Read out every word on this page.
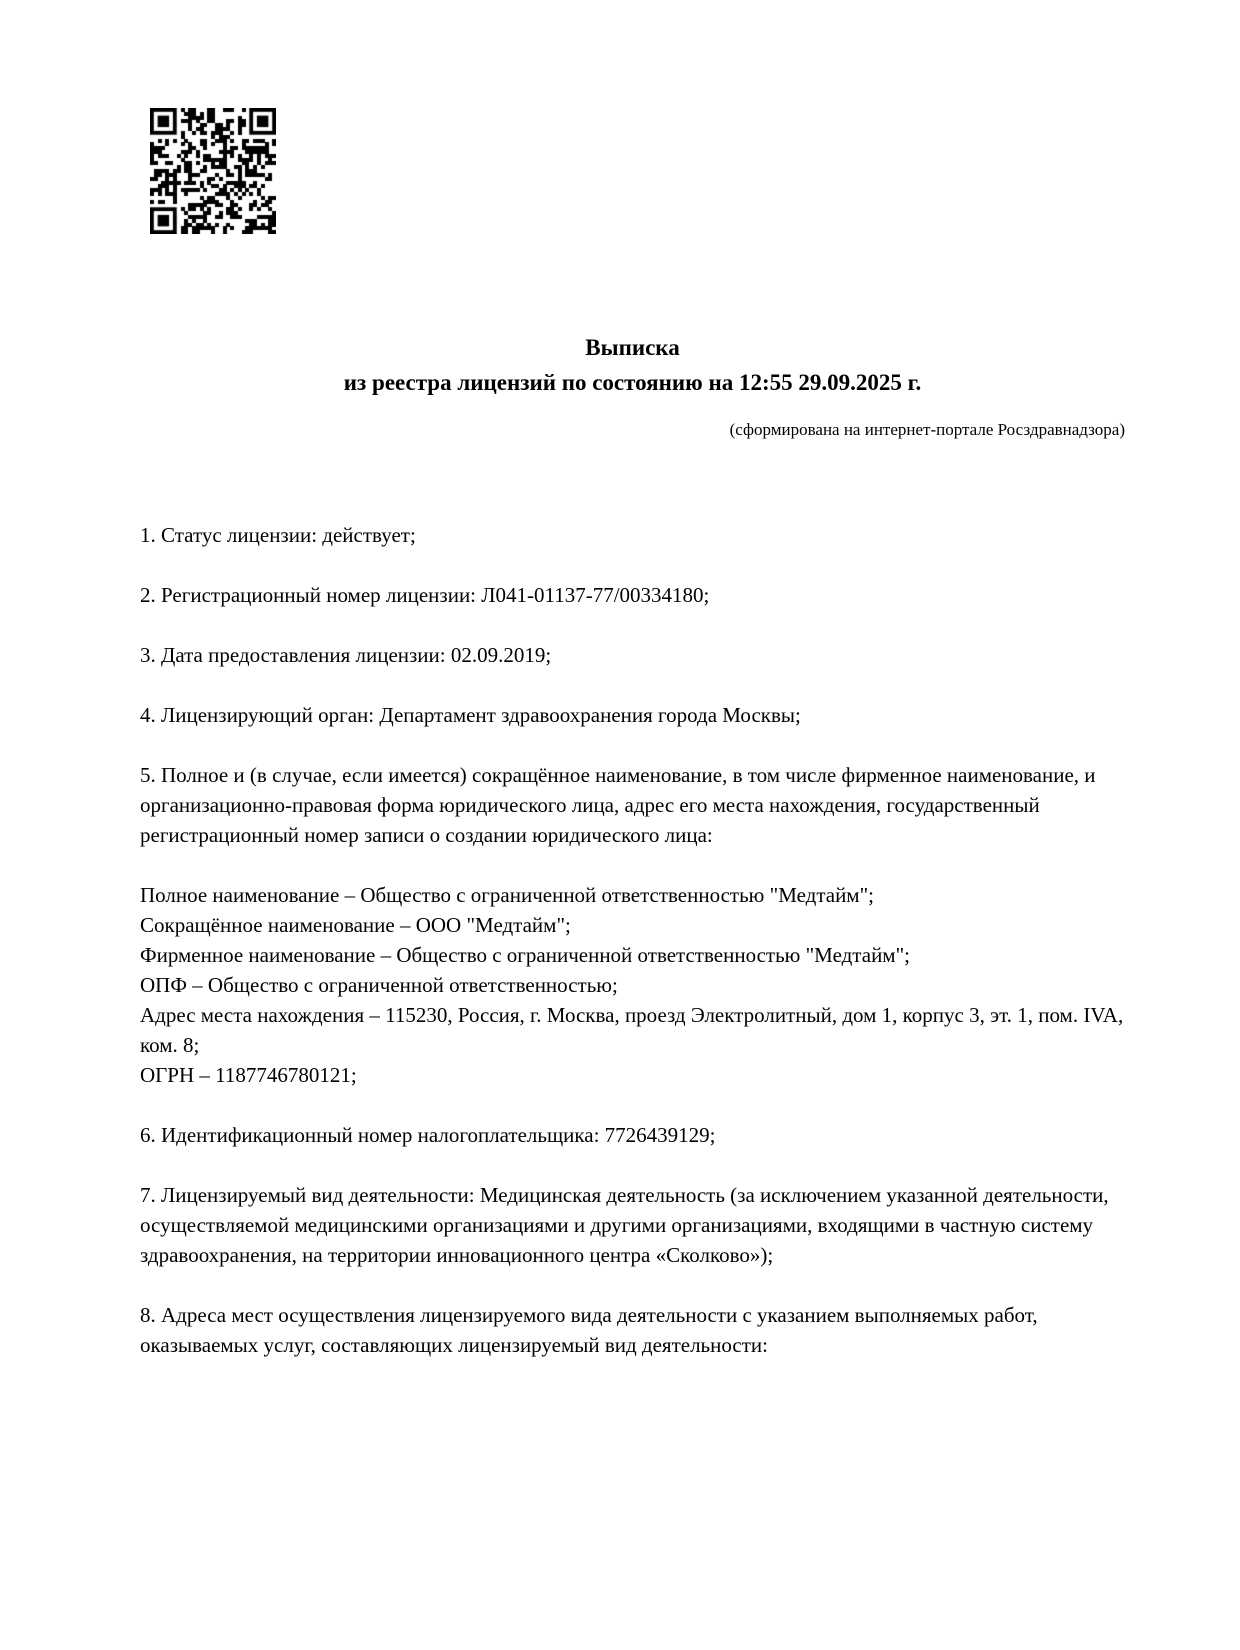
Выписка
из реестра лицензий по состоянию на 12:55 29.09.2025 г.
(сформирована на интернет-портале Росздравнадзора)

1. Статус лицензии: действует;

2. Регистрационный номер лицензии: Л041-01137-77/00334180;

3. Дата предоставления лицензии: 02.09.2019;

4. Лицензирующий орган: Департамент здравоохранения города Москвы;

5. Полное и (в случае, если имеется) сокращённое наименование, в том числе фирменное наименование, и организационно-правовая форма юридического лица, адрес его места нахождения, государственный регистрационный номер записи о создании юридического лица:

Полное наименование – Общество с ограниченной ответственностью "Медтайм";

Сокращённое наименование – ООО "Медтайм";

Фирменное наименование – Общество с ограниченной ответственностью "Медтайм";

ОПФ – Общество с ограниченной ответственностью;

Адрес места нахождения – 115230, Россия, г. Москва, проезд Электролитный, дом 1, корпус 3, эт. 1, пом. IVA, ком. 8;

ОГРН – 1187746780121;

6. Идентификационный номер налогоплательщика: 7726439129;

7. Лицензируемый вид деятельности: Медицинская деятельность (за исключением указанной деятельности, осуществляемой медицинскими организациями и другими организациями, входящими в частную систему здравоохранения, на территории инновационного центра «Сколково»);

8. Адреса мест осуществления лицензируемого вида деятельности с указанием выполняемых работ, оказываемых услуг, составляющих лицензируемый вид деятельности:
